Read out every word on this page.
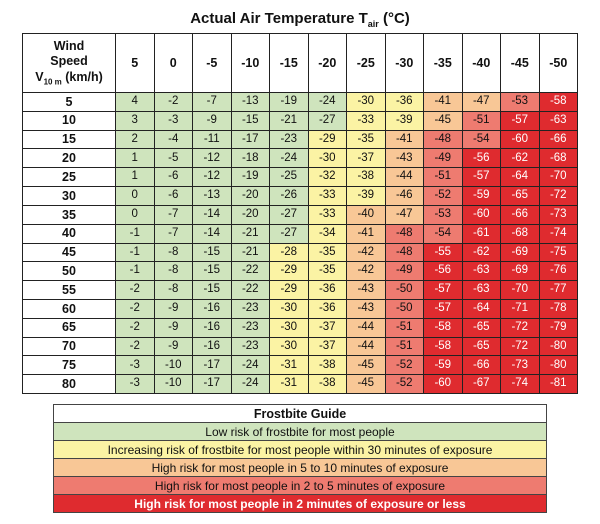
Actual Air Temperature $T_{air}$ (°C)
Wind
Speed
$V_{10 m}$ (km/h)	5	0	-5	-10	-15	-20	-25	-30	-35	-40	-45	-50
5	4	-2	-7	-13	-19	-24	-30	-36	-41	-47	-53	-58
10	3	-3	-9	-15	-21	-27	-33	-39	-45	-51	-57	-63
15	2	-4	-11	-17	-23	-29	-35	-41	-48	-54	-60	-66
20	1	-5	-12	-18	-24	-30	-37	-43	-49	-56	-62	-68
25	1	-6	-12	-19	-25	-32	-38	-44	-51	-57	-64	-70
30	0	-6	-13	-20	-26	-33	-39	-46	-52	-59	-65	-72
35	0	-7	-14	-20	-27	-33	-40	-47	-53	-60	-66	-73
40	-1	-7	-14	-21	-27	-34	-41	-48	-54	-61	-68	-74
45	-1	-8	-15	-21	-28	-35	-42	-48	-55	-62	-69	-75
50	-1	-8	-15	-22	-29	-35	-42	-49	-56	-63	-69	-76
55	-2	-8	-15	-22	-29	-36	-43	-50	-57	-63	-70	-77
60	-2	-9	-16	-23	-30	-36	-43	-50	-57	-64	-71	-78
65	-2	-9	-16	-23	-30	-37	-44	-51	-58	-65	-72	-79
70	-2	-9	-16	-23	-30	-37	-44	-51	-58	-65	-72	-80
75	-3	-10	-17	-24	-31	-38	-45	-52	-59	-66	-73	-80
80	-3	-10	-17	-24	-31	-38	-45	-52	-60	-67	-74	-81
Frostbite Guide
Low risk of frostbite for most people
Increasing risk of frostbite for most people within 30 minutes of exposure
High risk for most people in 5 to 10 minutes of exposure
High risk for most people in 2 to 5 minutes of exposure
High risk for most people in 2 minutes of exposure or less
